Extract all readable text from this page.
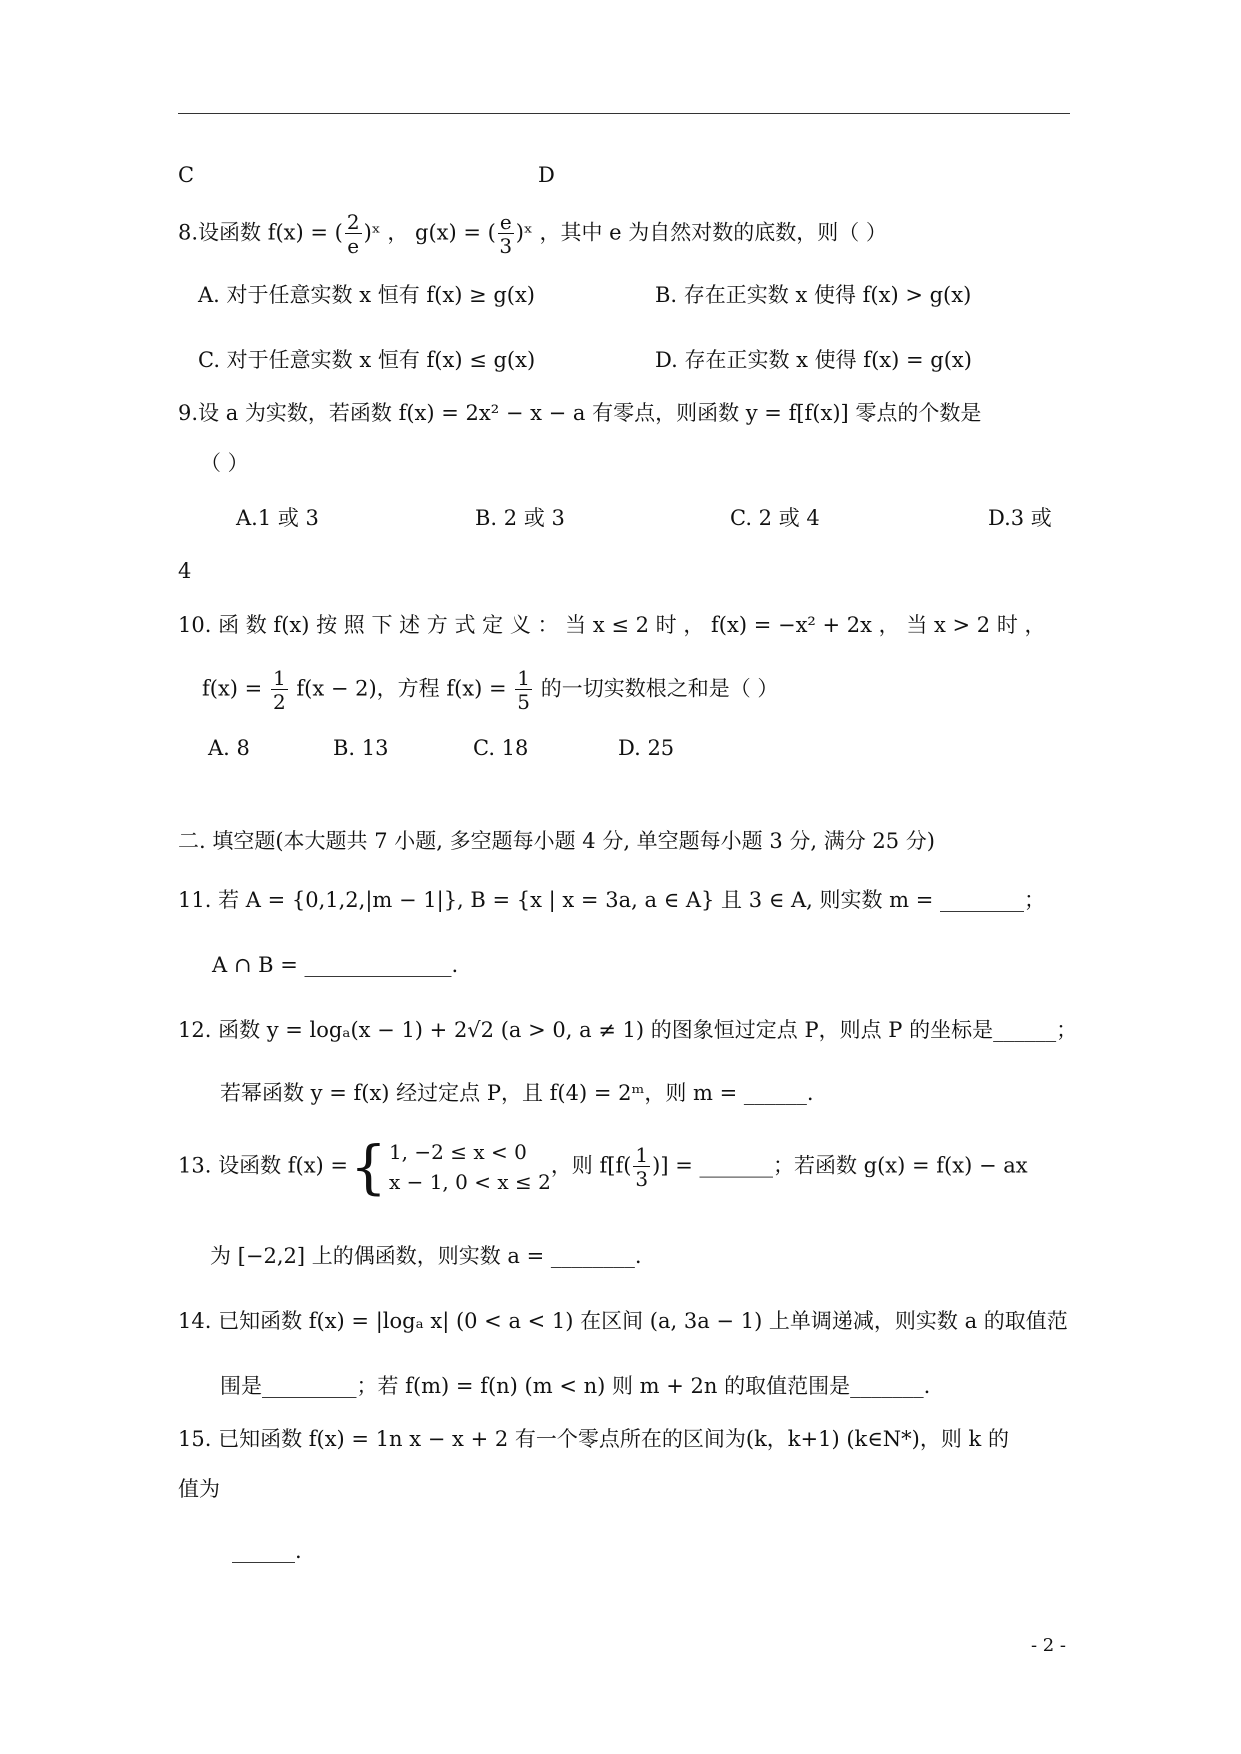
C	D
8.设函数 f(x) = ( $\frac{2}{e}$ )ˣ ， g(x) = ( $\frac{e}{3}$ )ˣ ，其中 e 为自然对数的底数，则（ ）
A. 对于任意实数 x 恒有 f(x) ≥ g(x)	B. 存在正实数 x 使得 f(x) > g(x)
C. 对于任意实数 x 恒有 f(x) ≤ g(x)	D. 存在正实数 x 使得 f(x) = g(x)
9.设 a 为实数，若函数 f(x) = 2x² − x − a 有零点，则函数 y = f[f(x)] 零点的个数是
（ ）
A.1 或 3	B. 2 或 3	C. 2 或 4	D.3 或
4
10. 函 数 f(x) 按 照 下 述 方 式 定 义 ： 当 x ≤ 2 时 ， f(x) = −x² + 2x ， 当 x > 2 时 ，
$f(x) = \frac{1}{2} f(x - 2)$，方程 $f(x) = \frac{1}{5}$ 的一切实数根之和是（ ）
A. 8	B. 13	C. 18	D. 25
二. 填空题(本大题共 7 小题, 多空题每小题 4 分, 单空题每小题 3 分, 满分 25 分)
11. 若 A = {0,1,2,|m − 1|}, B = {x | x = 3a, a ∈ A} 且 3 ∈ A, 则实数 m = ________；
A ∩ B = ______________.
12. 函数 y = logₐ(x − 1) + 2√2 (a > 0, a ≠ 1) 的图象恒过定点 P，则点 P 的坐标是______；
若幂函数 y = f(x) 经过定点 P，且 f(4) = 2ᵐ，则 m = ______.
13. 设函数 f(x) ={ 1, −2 ≤ x < 0
x − 1, 0 < x ≤ 2
，则 $f[f( \frac{1}{3}$ )] = _______；若函数 g(x) = f(x) − ax
为 [−2,2] 上的偶函数，则实数 a = ________.
14. 已知函数 f(x) = |logₐ x| (0 < a < 1) 在区间 (a, 3a − 1) 上单调递减，则实数 a 的取值范
围是_________；若 f(m) = f(n) (m < n) 则 m + 2n 的取值范围是_______.
15. 已知函数 f(x) = 1n x − x + 2 有一个零点所在的区间为(k，k+1) (k∈N*)，则 k 的
值为
______.
- 2 -
